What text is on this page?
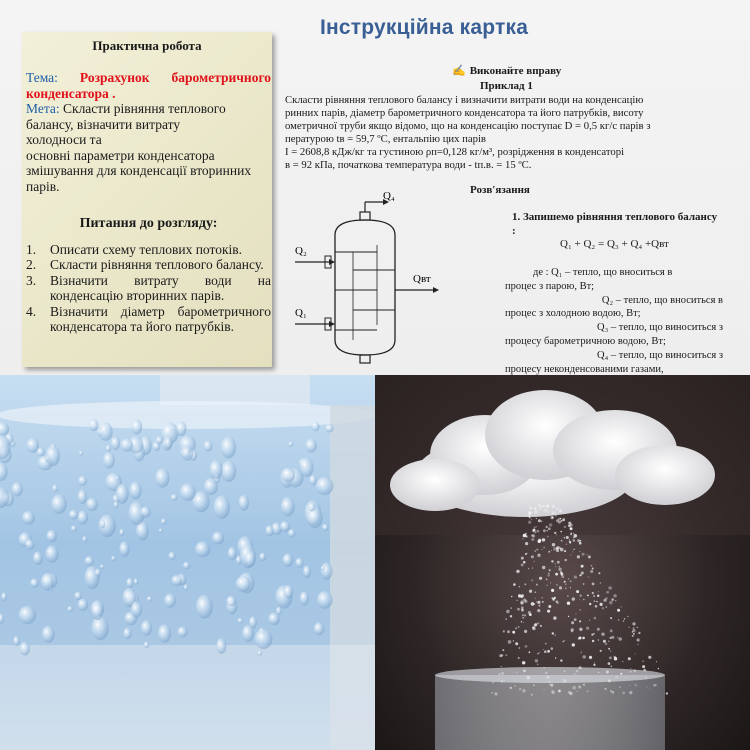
Інструкційна картка
Практична робота
Тема: Розрахунок барометричного
конденсатора .
Мета: Скласти рівняння теплового
балансу, візначити витрату
холодноси та
основні параметри конденсатора
змішування для конденсації вторинних
парів.
Питання до розгляду:
1.	Описати схему теплових потоків.
2.	Скласти рівняння теплового балансу.
3.	Візначити витрату води на конденсацію вторинних парів.
4.	Візначити діаметр барометричного конденсатора та його патрубків.
✍ Виконайте вправу
Приклад 1
Скласти рівняння теплового балансу і визначити витрати води на конденсацію
ринних парів, діаметр барометричного конденсатора та його патрубків, висоту
ометричної труби якщо відомо, що на конденсацію поступає D = 0,5 кг/с парів з
пературою tв = 59,7 ºС, ентальпію цих парів
I = 2608,8 кДж/кг та густиною ρп=0,128 кг/м³, розрідження в конденсаторі
в = 92 кПа, початкова температура води - tп.в. = 15 ºС.
Розв'язання
Q₄
Q₂
Q₁
Qвт
1. Запишемо рівняння теплового балансу :
Q₁ + Q₂ = Q₃ + Q₄ +Qвт
де : Q₁ – тепло, що вноситься в
процес з парою, Вт;
Q₂ – тепло, що вноситься в
процес з холодною водою, Вт;
Q₃ – тепло, що виноситься з
процесу барометричною водою, Вт;
Q₄ – тепло, що виноситься з
процесу неконденсованими газами,
